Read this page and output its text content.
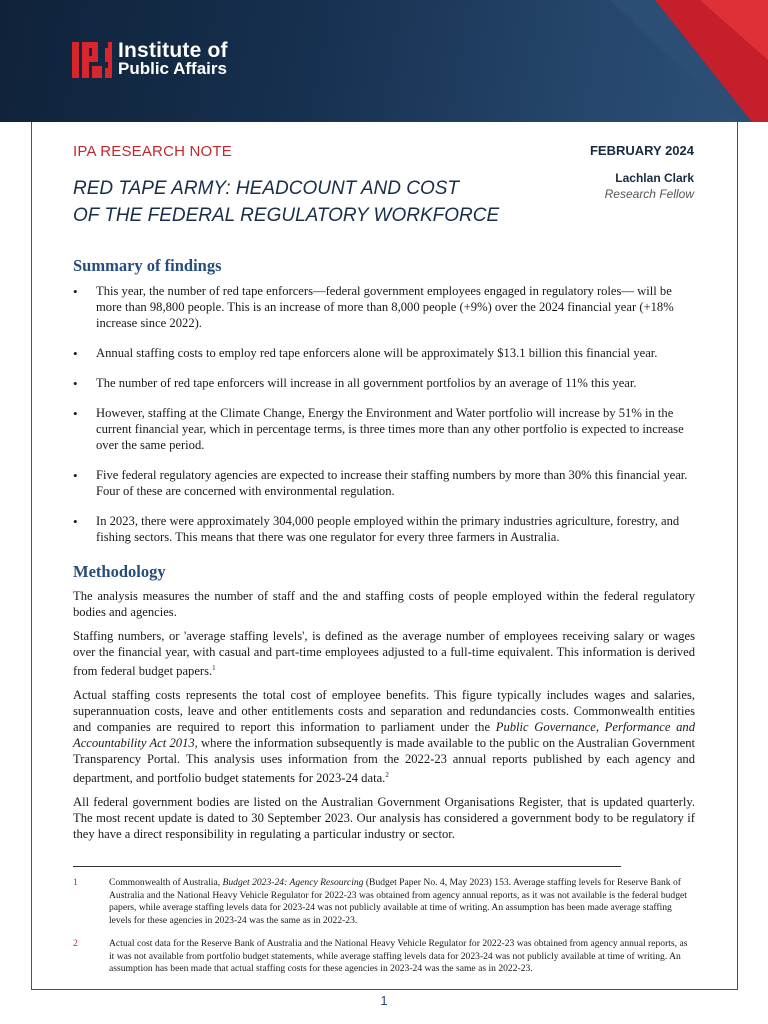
Institute of
Public Affairs
IPA RESEARCH NOTE	FEBRUARY 2024
RED TAPE ARMY: HEADCOUNT AND COST
OF THE FEDERAL REGULATORY WORKFORCE
Lachlan Clark
Research Fellow
Summary of findings
• This year, the number of red tape enforcers—federal government employees engaged in regulatory roles— will be more than 98,800 people. This is an increase of more than 8,000 people (+9%) over the 2024 financial year (+18% increase since 2022).
• Annual staffing costs to employ red tape enforcers alone will be approximately $13.1 billion this financial year.
• The number of red tape enforcers will increase in all government portfolios by an average of 11% this year.
• However, staffing at the Climate Change, Energy the Environment and Water portfolio will increase by 51% in the current financial year, which in percentage terms, is three times more than any other portfolio is expected to increase over the same period.
• Five federal regulatory agencies are expected to increase their staffing numbers by more than 30% this financial year. Four of these are concerned with environmental regulation.
• In 2023, there were approximately 304,000 people employed within the primary industries agriculture, forestry, and fishing sectors. This means that there was one regulator for every three farmers in Australia.
Methodology

The analysis measures the number of staff and the and staffing costs of people employed within the federal regulatory bodies and agencies.

Staffing numbers, or 'average staffing levels', is defined as the average number of employees receiving salary or wages over the financial year, with casual and part-time employees adjusted to a full-time equivalent. This information is derived from federal budget papers.$^1$

Actual staffing costs represents the total cost of employee benefits. This figure typically includes wages and salaries, superannuation costs, leave and other entitlements costs and separation and redundancies costs. Commonwealth entities and companies are required to report this information to parliament under the Public Governance, Performance and Accountability Act 2013, where the information subsequently is made available to the public on the Australian Government Transparency Portal. This analysis uses information from the 2022-23 annual reports published by each agency and department, and portfolio budget statements for 2023-24 data.$^2$

All federal government bodies are listed on the Australian Government Organisations Register, that is updated quarterly. The most recent update is dated to 30 September 2023. Our analysis has considered a government body to be regulatory if they have a direct responsibility in regulating a particular industry or sector.

1	Commonwealth of Australia, Budget 2023-24: Agency Resourcing (Budget Paper No. 4, May 2023) 153. Average staffing levels for Reserve Bank of Australia and the National Heavy Vehicle Regulator for 2022-23 was obtained from agency annual reports, as it was not available is the federal budget papers, while average staffing levels data for 2023-24 was not publicly available at time of writing. An assumption has been made average staffing levels for these agencies in 2023-24 was the same as in 2022-23.
2	Actual cost data for the Reserve Bank of Australia and the National Heavy Vehicle Regulator for 2022-23 was obtained from agency annual reports, as it was not available from portfolio budget statements, while average staffing levels data for 2023-24 was not publicly available at time of writing. An assumption has been made that actual staffing costs for these agencies in 2023-24 was the same as in 2022-23.
1
